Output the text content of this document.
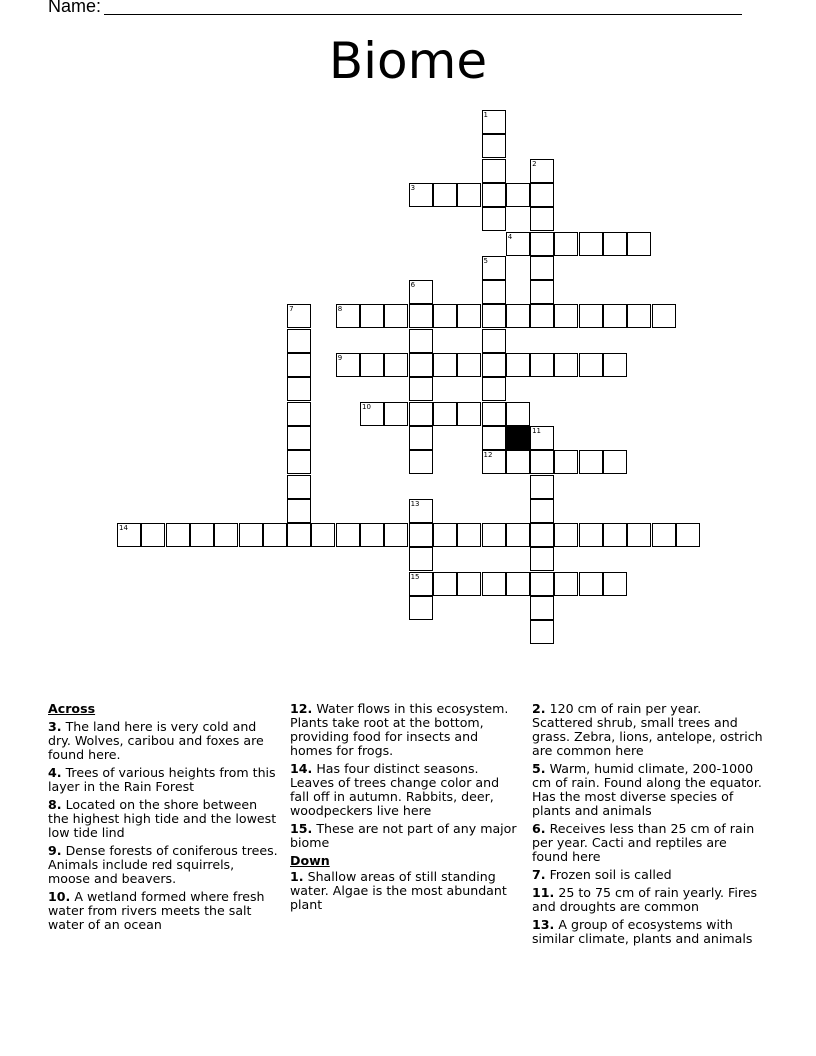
Name:
Biome
1
2
3
4
5
12
6
7	8
9
10
11
13
15
14
Across
3. The land here is very cold and dry. Wolves, caribou and foxes are found here.
4. Trees of various heights from this layer in the Rain Forest
8. Located on the shore between the highest high tide and the lowest low tide lind
9. Dense forests of coniferous trees. Animals include red squirrels, moose and beavers.
10. A wetland formed where fresh water from rivers meets the salt water of an ocean
12. Water flows in this ecosystem. Plants take root at the bottom, providing food for insects and homes for frogs.
14. Has four distinct seasons. Leaves of trees change color and fall off in autumn. Rabbits, deer, woodpeckers live here
15. These are not part of any major biome
Down
1. Shallow areas of still standing water. Algae is the most abundant plant
2. 120 cm of rain per year. Scattered shrub, small trees and grass. Zebra, lions, antelope, ostrich are common here
5. Warm, humid climate, 200-1000 cm of rain. Found along the equator. Has the most diverse species of plants and animals
6. Receives less than 25 cm of rain per year. Cacti and reptiles are found here
7. Frozen soil is called
11. 25 to 75 cm of rain yearly. Fires and droughts are common
13. A group of ecosystems with similar climate, plants and animals
